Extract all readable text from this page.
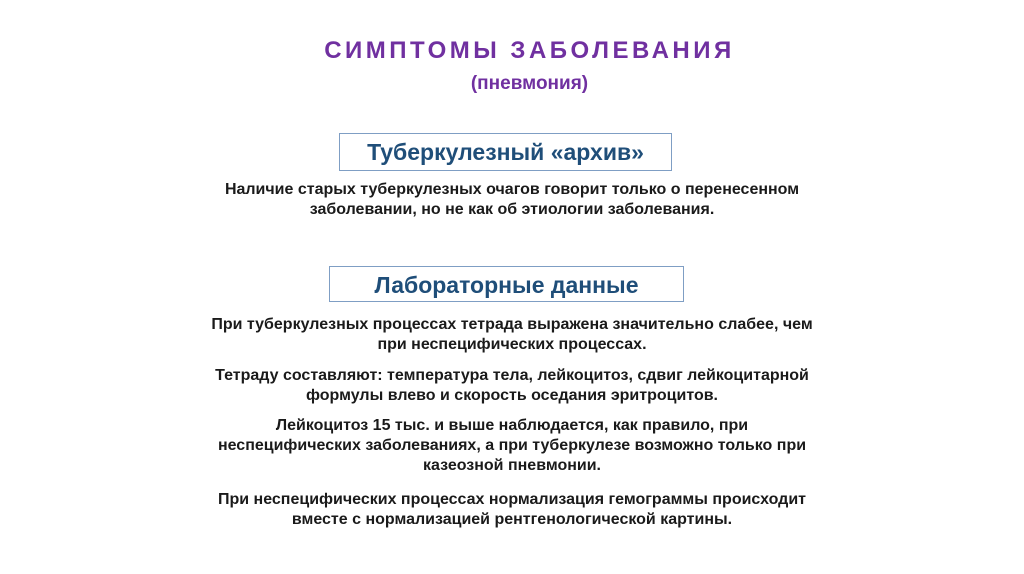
СИМПТОМЫ ЗАБОЛЕВАНИЯ
(пневмония)
Туберкулезный «архив»
Наличие старых туберкулезных очагов говорит только о перенесенном
заболевании, но не как об этиологии заболевания.
Лабораторные данные
При туберкулезных процессах тетрада выражена значительно слабее, чем
при неспецифических процессах.
Тетраду составляют: температура тела, лейкоцитоз, сдвиг лейкоцитарной
формулы влево и скорость оседания эритроцитов.
Лейкоцитоз 15 тыс. и выше наблюдается, как правило, при
неспецифических заболеваниях, а при туберкулезе возможно только при
казеозной пневмонии.
При неспецифических процессах нормализация гемограммы происходит
вместе с нормализацией рентгенологической картины.
